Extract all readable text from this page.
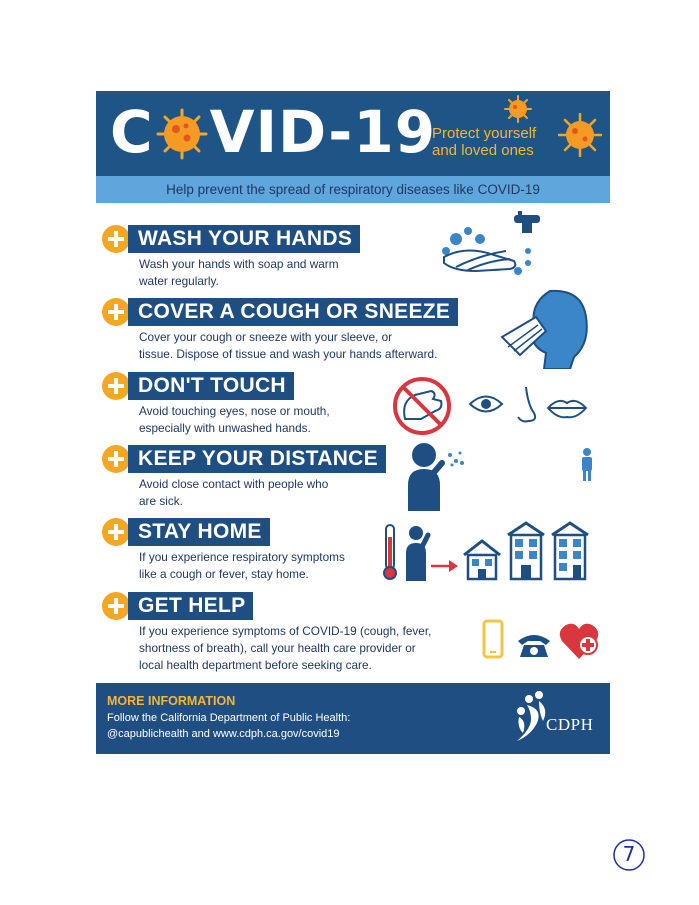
C VID-19
Protect yourself and loved ones
Help prevent the spread of respiratory diseases like COVID-19
WASH YOUR HANDS
Wash your hands with soap and warm
water regularly.
COVER A COUGH OR SNEEZE
Cover your cough or sneeze with your sleeve, or
tissue. Dispose of tissue and wash your hands afterward.
DON'T TOUCH
Avoid touching eyes, nose or mouth,
especially with unwashed hands.
KEEP YOUR DISTANCE
Avoid close contact with people who
are sick.
STAY HOME
If you experience respiratory symptoms
like a cough or fever, stay home.
GET HELP
If you experience symptoms of COVID-19 (cough, fever,
shortness of breath), call your health care provider or
local health department before seeking care.
MORE INFORMATION
Follow the California Department of Public Health:
@capublichealth and www.cdph.ca.gov/covid19	CDPH
7
